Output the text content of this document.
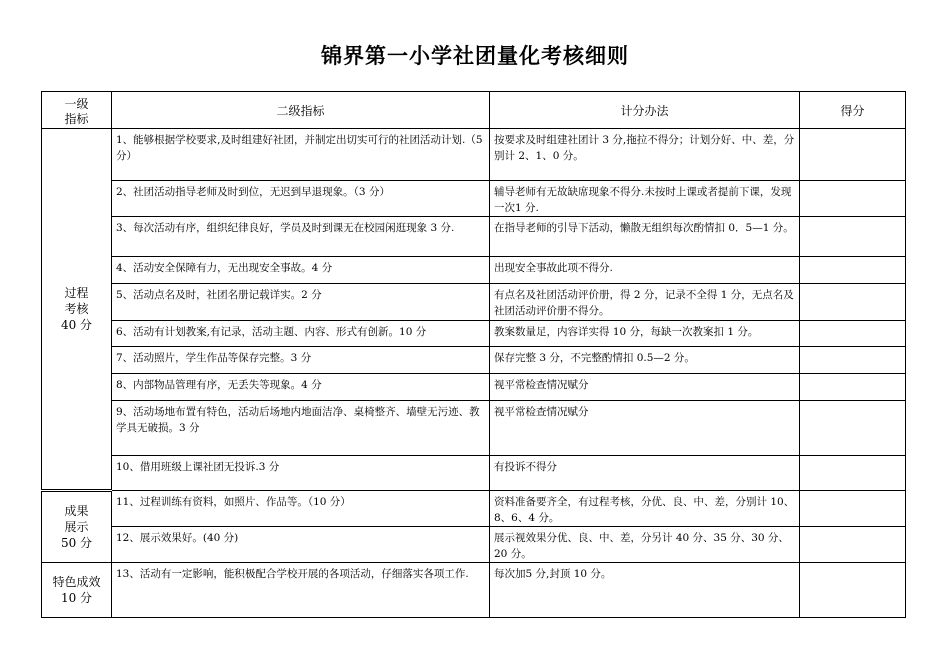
锦界第一小学社团量化考核细则
一级
指标	二级指标	计分办法	得分

过程
考核
40 分	1、能够根据学校要求,及时组建好社团，并制定出切实可行的社团活动计划.（5 分）	按要求及时组建社团计 3 分,拖拉不得分；计划分好、中、差，分别计 2、1、0 分。	
	2、社团活动指导老师及时到位，无迟到早退现象。（3 分）	辅导老师有无故缺席现象不得分.未按时上课或者提前下课，发现一次1 分.	
	3、每次活动有序，组织纪律良好，学员及时到课无在校园闲逛现象 3 分.	在指导老师的引导下活动，懒散无组织每次酌情扣 0．5—1 分。	
	4、活动安全保障有力，无出现安全事故。4 分	出现安全事故此项不得分.	
	5、活动点名及时，社团名册记载详实。2 分	有点名及社团活动评价册，得 2 分，记录不全得 1 分，无点名及社团活动评价册不得分。	
	6、活动有计划教案,有记录，活动主题、内容、形式有创新。10 分	教案数量足，内容详实得 10 分，每缺一次教案扣 1 分。	
	7、活动照片，学生作品等保存完整。3 分	保存完整 3 分，不完整酌情扣 0.5—2 分。	
	8、内部物品管理有序，无丢失等现象。4 分	视平常检查情况赋分	
	9、活动场地布置有特色，活动后场地内地面洁净、桌椅整齐、墙壁无污迹、教学具无破损。3 分	视平常检查情况赋分	
	10、借用班级上课社团无投诉.3 分	有投诉不得分	

成果
展示
50 分	11、过程训练有资料，如照片、作品等。（10 分）	资料准备要齐全，有过程考核，分优、良、中、差，分别计 10、8、6、4 分。	
	12、展示效果好。(40 分)	展示视效果分优、良、中、差，分另计 40 分、35 分、30 分、20 分。	

特色成效
10 分	13、活动有一定影响，能积极配合学校开展的各项活动，仔细落实各项工作.	每次加5 分,封顶 10 分。	
